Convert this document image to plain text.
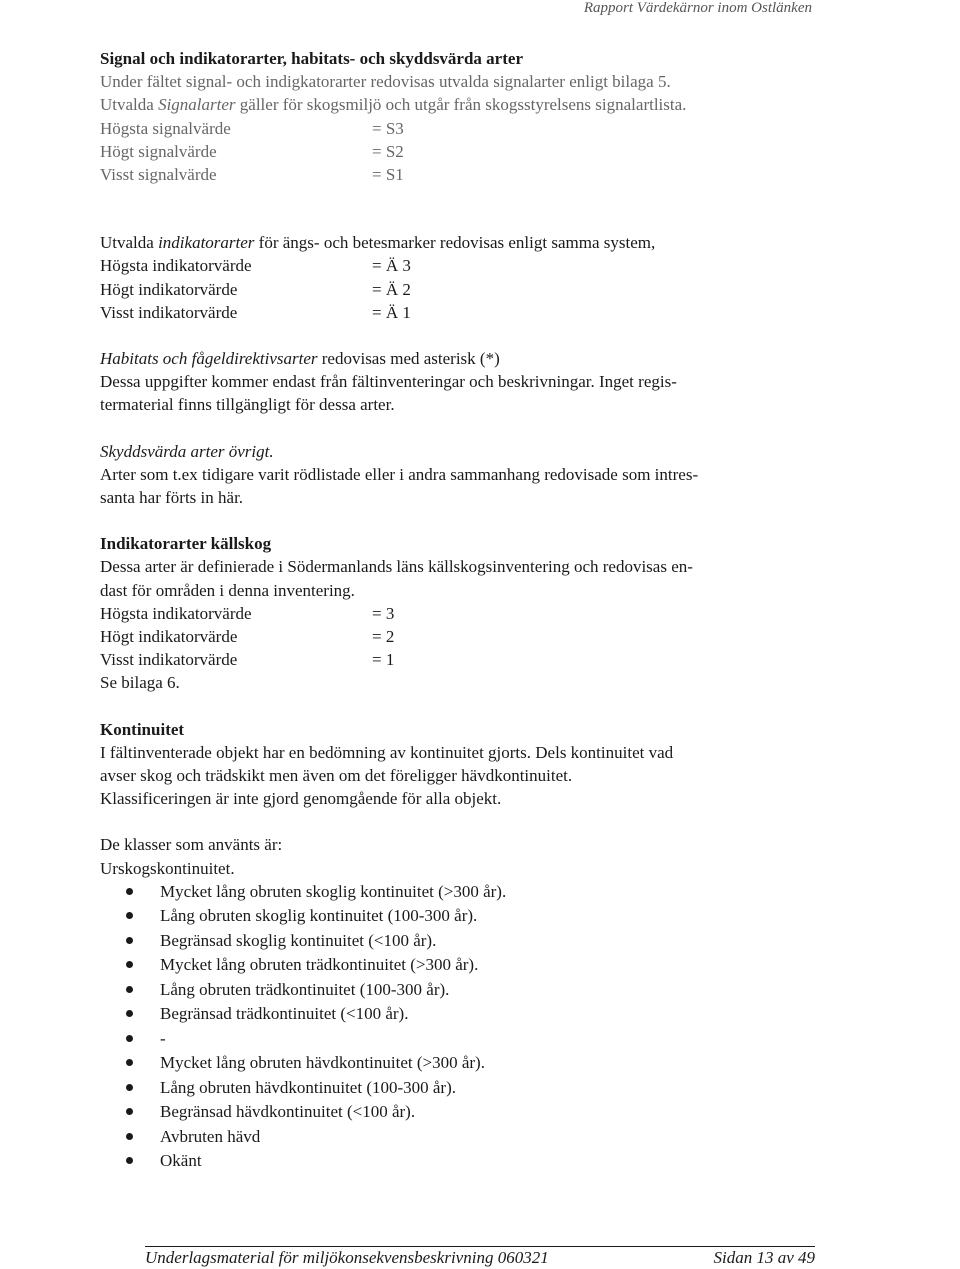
Rapport Värdekärnor inom Ostlänken
Signal och indikatorarter, habitats- och skyddsvärda arter
Under fältet signal- och indigkatorarter redovisas utvalda signalarter enligt bilaga 5.
Utvalda Signalarter gäller för skogsmiljö och utgår från skogsstyrelsens signalartlista.
Högsta signalvärde	= S3
Högt signalvärde	= S2
Visst signalvärde	= S1
Utvalda indikatorarter för ängs- och betesmarker redovisas enligt samma system,
Högsta indikatorvärde	= Ä 3
Högt indikatorvärde	= Ä 2
Visst indikatorvärde	= Ä 1
Habitats och fågeldirektivsarter redovisas med asterisk (*)
Dessa uppgifter kommer endast från fältinventeringar och beskrivningar. Inget regis-
termaterial finns tillgängligt för dessa arter.
Skyddsvärda arter övrigt.
Arter som t.ex tidigare varit rödlistade eller i andra sammanhang redovisade som intres-
santa har förts in här.
Indikatorarter källskog
Dessa arter är definierade i Södermanlands läns källskogsinventering och redovisas en-
dast för områden i denna inventering.
Högsta indikatorvärde	= 3
Högt indikatorvärde	= 2
Visst indikatorvärde	= 1
Se bilaga 6.
Kontinuitet
I fältinventerade objekt har en bedömning av kontinuitet gjorts. Dels kontinuitet vad
avser skog och trädskikt men även om det föreligger hävdkontinuitet.
Klassificeringen är inte gjord genomgående för alla objekt.
De klasser som använts är:
Urskogskontinuitet.
Mycket lång obruten skoglig kontinuitet (>300 år).
Lång obruten skoglig kontinuitet (100-300 år).
Begränsad skoglig kontinuitet (<100 år).
Mycket lång obruten trädkontinuitet (>300 år).
Lång obruten trädkontinuitet (100-300 år).
Begränsad trädkontinuitet (<100 år).
-
Mycket lång obruten hävdkontinuitet (>300 år).
Lång obruten hävdkontinuitet (100-300 år).
Begränsad hävdkontinuitet (<100 år).
Avbruten hävd
Okänt
Underlagsmaterial för miljökonsekvensbeskrivning 060321	Sidan 13 av 49
